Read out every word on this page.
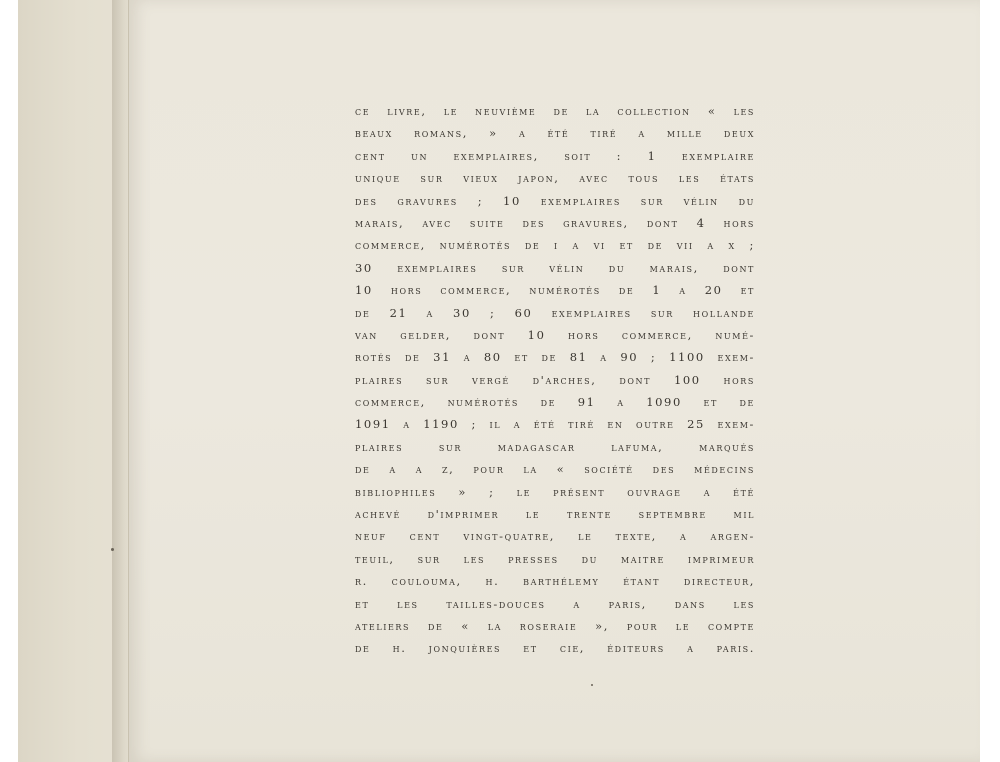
ce livre, le neuvième de la collection « les
beaux romans, » a été tiré a mille deux
cent un exemplaires, soit : 1 exemplaire
unique sur vieux japon, avec tous les états
des gravures ; 10 exemplaires sur vélin du
marais, avec suite des gravures, dont 4 hors
commerce, numérotés de i a vi et de vii a x ;
30 exemplaires sur vélin du marais, dont
10 hors commerce, numérotés de 1 a 20 et
de 21 a 30 ; 60 exemplaires sur hollande
van gelder, dont 10 hors commerce, numé-
rotés de 31 a 80 et de 81 a 90 ; 1100 exem-
plaires sur vergé d'arches, dont 100 hors
commerce, numérotés de 91 a 1090 et de
1091 a 1190 ; il a été tiré en outre 25 exem-
plaires sur madagascar lafuma, marqués
de a a z, pour la « société des médecins
bibliophiles » ; le présent ouvrage a été
achevé d'imprimer le trente septembre mil
neuf cent vingt-quatre, le texte, a argen-
teuil, sur les presses du maitre imprimeur
r. coulouma, h. barthélemy étant directeur,
et les tailles-douces a paris, dans les
ateliers de « la roseraie », pour le compte
de h. jonquières et cie, éditeurs a paris.
